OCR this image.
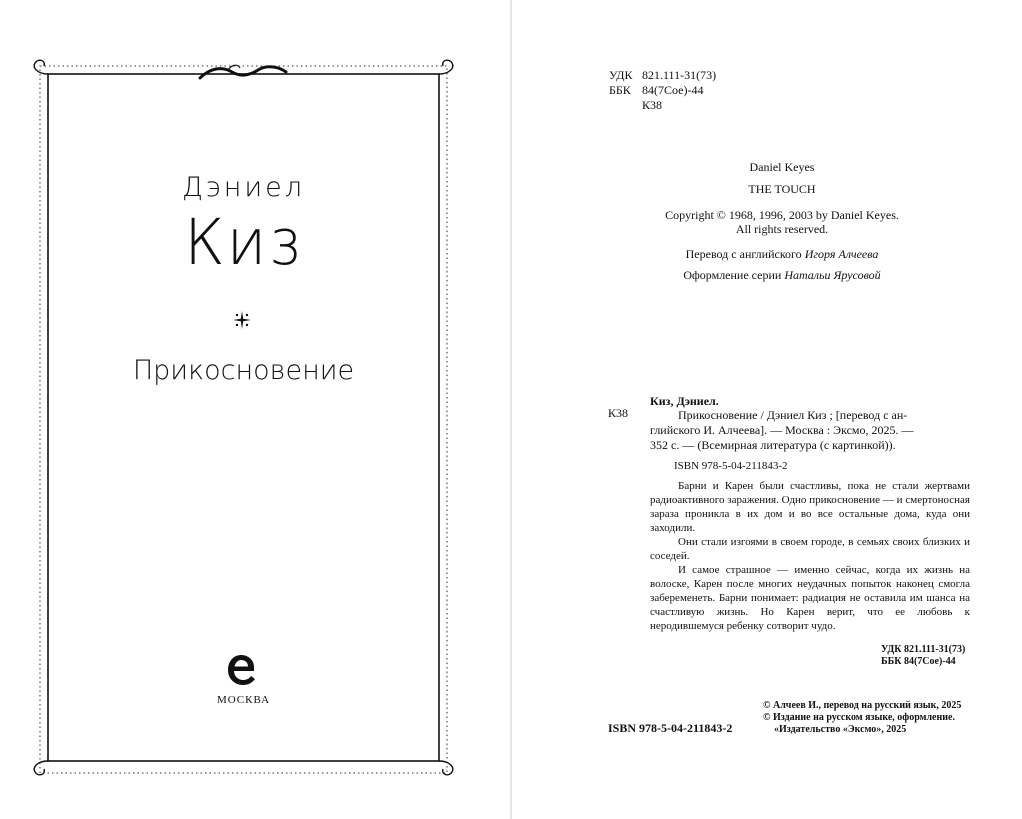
Дэниел
Киз
Прикосновение
МОСКВА
УДК 821.111-31(73)
ББК 84(7Сое)-44
К38
Daniel Keyes
THE TOUCH
Copyright © 1968, 1996, 2003 by Daniel Keyes.
All rights reserved.
Перевод с английского Игоря Алчеева
Оформление серии Натальи Ярусовой
К38
Киз, Дэниел.
Прикосновение / Дэниел Киз ; [перевод с ан-
глийского И. Алчеева]. — Москва : Эксмо, 2025. —
352 с. — (Всемирная литература (с картинкой)).
ISBN 978-5-04-211843-2

Барни и Карен были счастливы, пока не стали жертвами радиоактивного заражения. Одно прикосновение — и смертоносная зараза проникла в их дом и во все остальные дома, куда они заходили.

Они стали изгоями в своем городе, в семьях своих близких и соседей.

И самое страшное — именно сейчас, когда их жизнь на волоске, Карен после многих неудачных попыток наконец смогла забеременеть. Барни понимает: радиация не оставила им шанса на счастливую жизнь. Но Карен верит, что ее любовь к неродившемуся ребенку сотворит чудо.

УДК 821.111-31(73)
ББК 84(7Сое)-44
© Алчеев И., перевод на русский язык, 2025
© Издание на русском языке, оформление.
«Издательство «Эксмо», 2025
ISBN 978-5-04-211843-2
